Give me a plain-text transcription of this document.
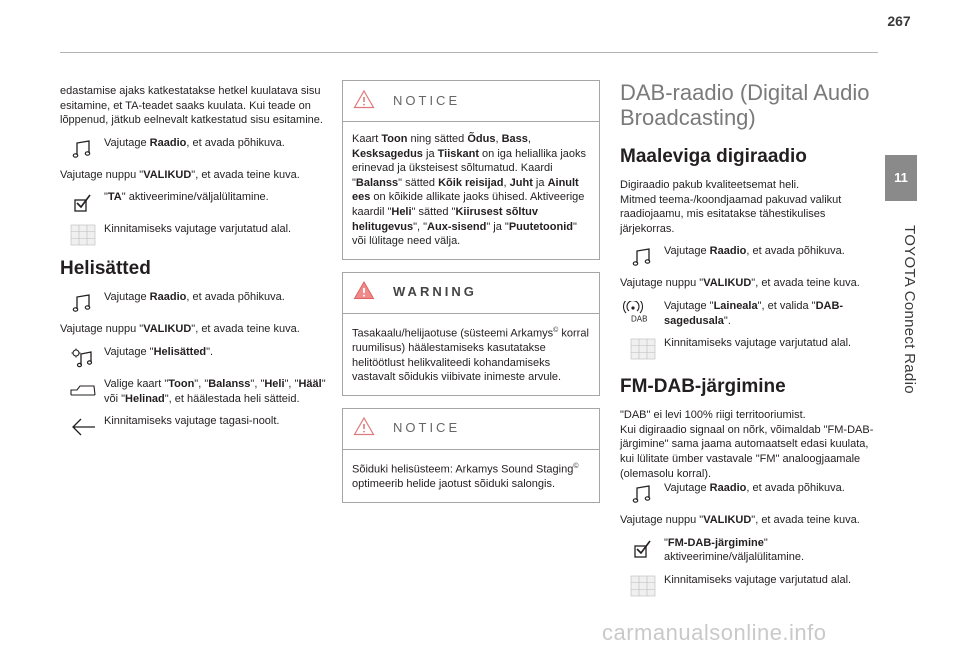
267
11
TOYOTA Connect Radio

edastamise ajaks katkestatakse hetkel kuulatava sisu esitamine, et TA-teadet saaks kuulata. Kui teade on lõppenud, jätkub eelnevalt katkestatud sisu esitamine.

Vajutage Raadio, et avada põhikuva.

Vajutage nuppu "VALIKUD", et avada teine kuva.

"TA" aktiveerimine/väljalülitamine.
Kinnitamiseks vajutage varjutatud alal.
Helisätted
Vajutage Raadio, et avada põhikuva.

Vajutage nuppu "VALIKUD", et avada teine kuva.

Vajutage "Helisätted".
Valige kaart "Toon", "Balanss", "Heli", "Hääl" või "Helinad", et häälestada heli sätteid.
Kinnitamiseks vajutage tagasi-noolt.
NOTICE
Kaart Toon ning sätted Õdus, Bass, Kesksagedus ja Tiiskant on iga heliallika jaoks erinevad ja üksteisest sõltumatud. Kaardi "Balanss" sätted Kõik reisijad, Juht ja Ainult ees on kõikide allikate jaoks ühised. Aktiveerige kaardil "Heli" sätted "Kiirusest sõltuv helitugevus", "Aux-sisend" ja "Puutetoonid" või lülitage need välja.
WARNING
Tasakaalu/helijaotuse (süsteemi Arkamys© korral ruumilisus) häälestamiseks kasutatakse helitöötlust helikvaliteedi kohandamiseks vastavalt sõidukis viibivate inimeste arvule.
NOTICE
Sõiduki helisüsteem: Arkamys Sound Staging© optimeerib helide jaotust sõiduki salongis.
DAB-raadio (Digital Audio Broadcasting)
Maaleviga digiraadio

Digiraadio pakub kvaliteetsemat heli.
Mitmed teema-/koondjaamad pakuvad valikut raadiojaamu, mis esitatakse tähestikulises järjekorras.

Vajutage Raadio, et avada põhikuva.

Vajutage nuppu "VALIKUD", et avada teine kuva.

DAB
Vajutage "Laineala", et valida "DAB-sagedusala".
Kinnitamiseks vajutage varjutatud alal.
FM-DAB-järgimine

"DAB" ei levi 100% riigi territooriumist.
Kui digiraadio signaal on nõrk, võimaldab "FM-DAB-järgimine" sama jaama automaatselt edasi kuulata, kui lülitate ümber vastavale "FM" analoogjaamale (olemasolu korral).

Vajutage Raadio, et avada põhikuva.

Vajutage nuppu "VALIKUD", et avada teine kuva.

"FM-DAB-järgimine" aktiveerimine/väljalülitamine.
Kinnitamiseks vajutage varjutatud alal.
carmanualsonline.info
